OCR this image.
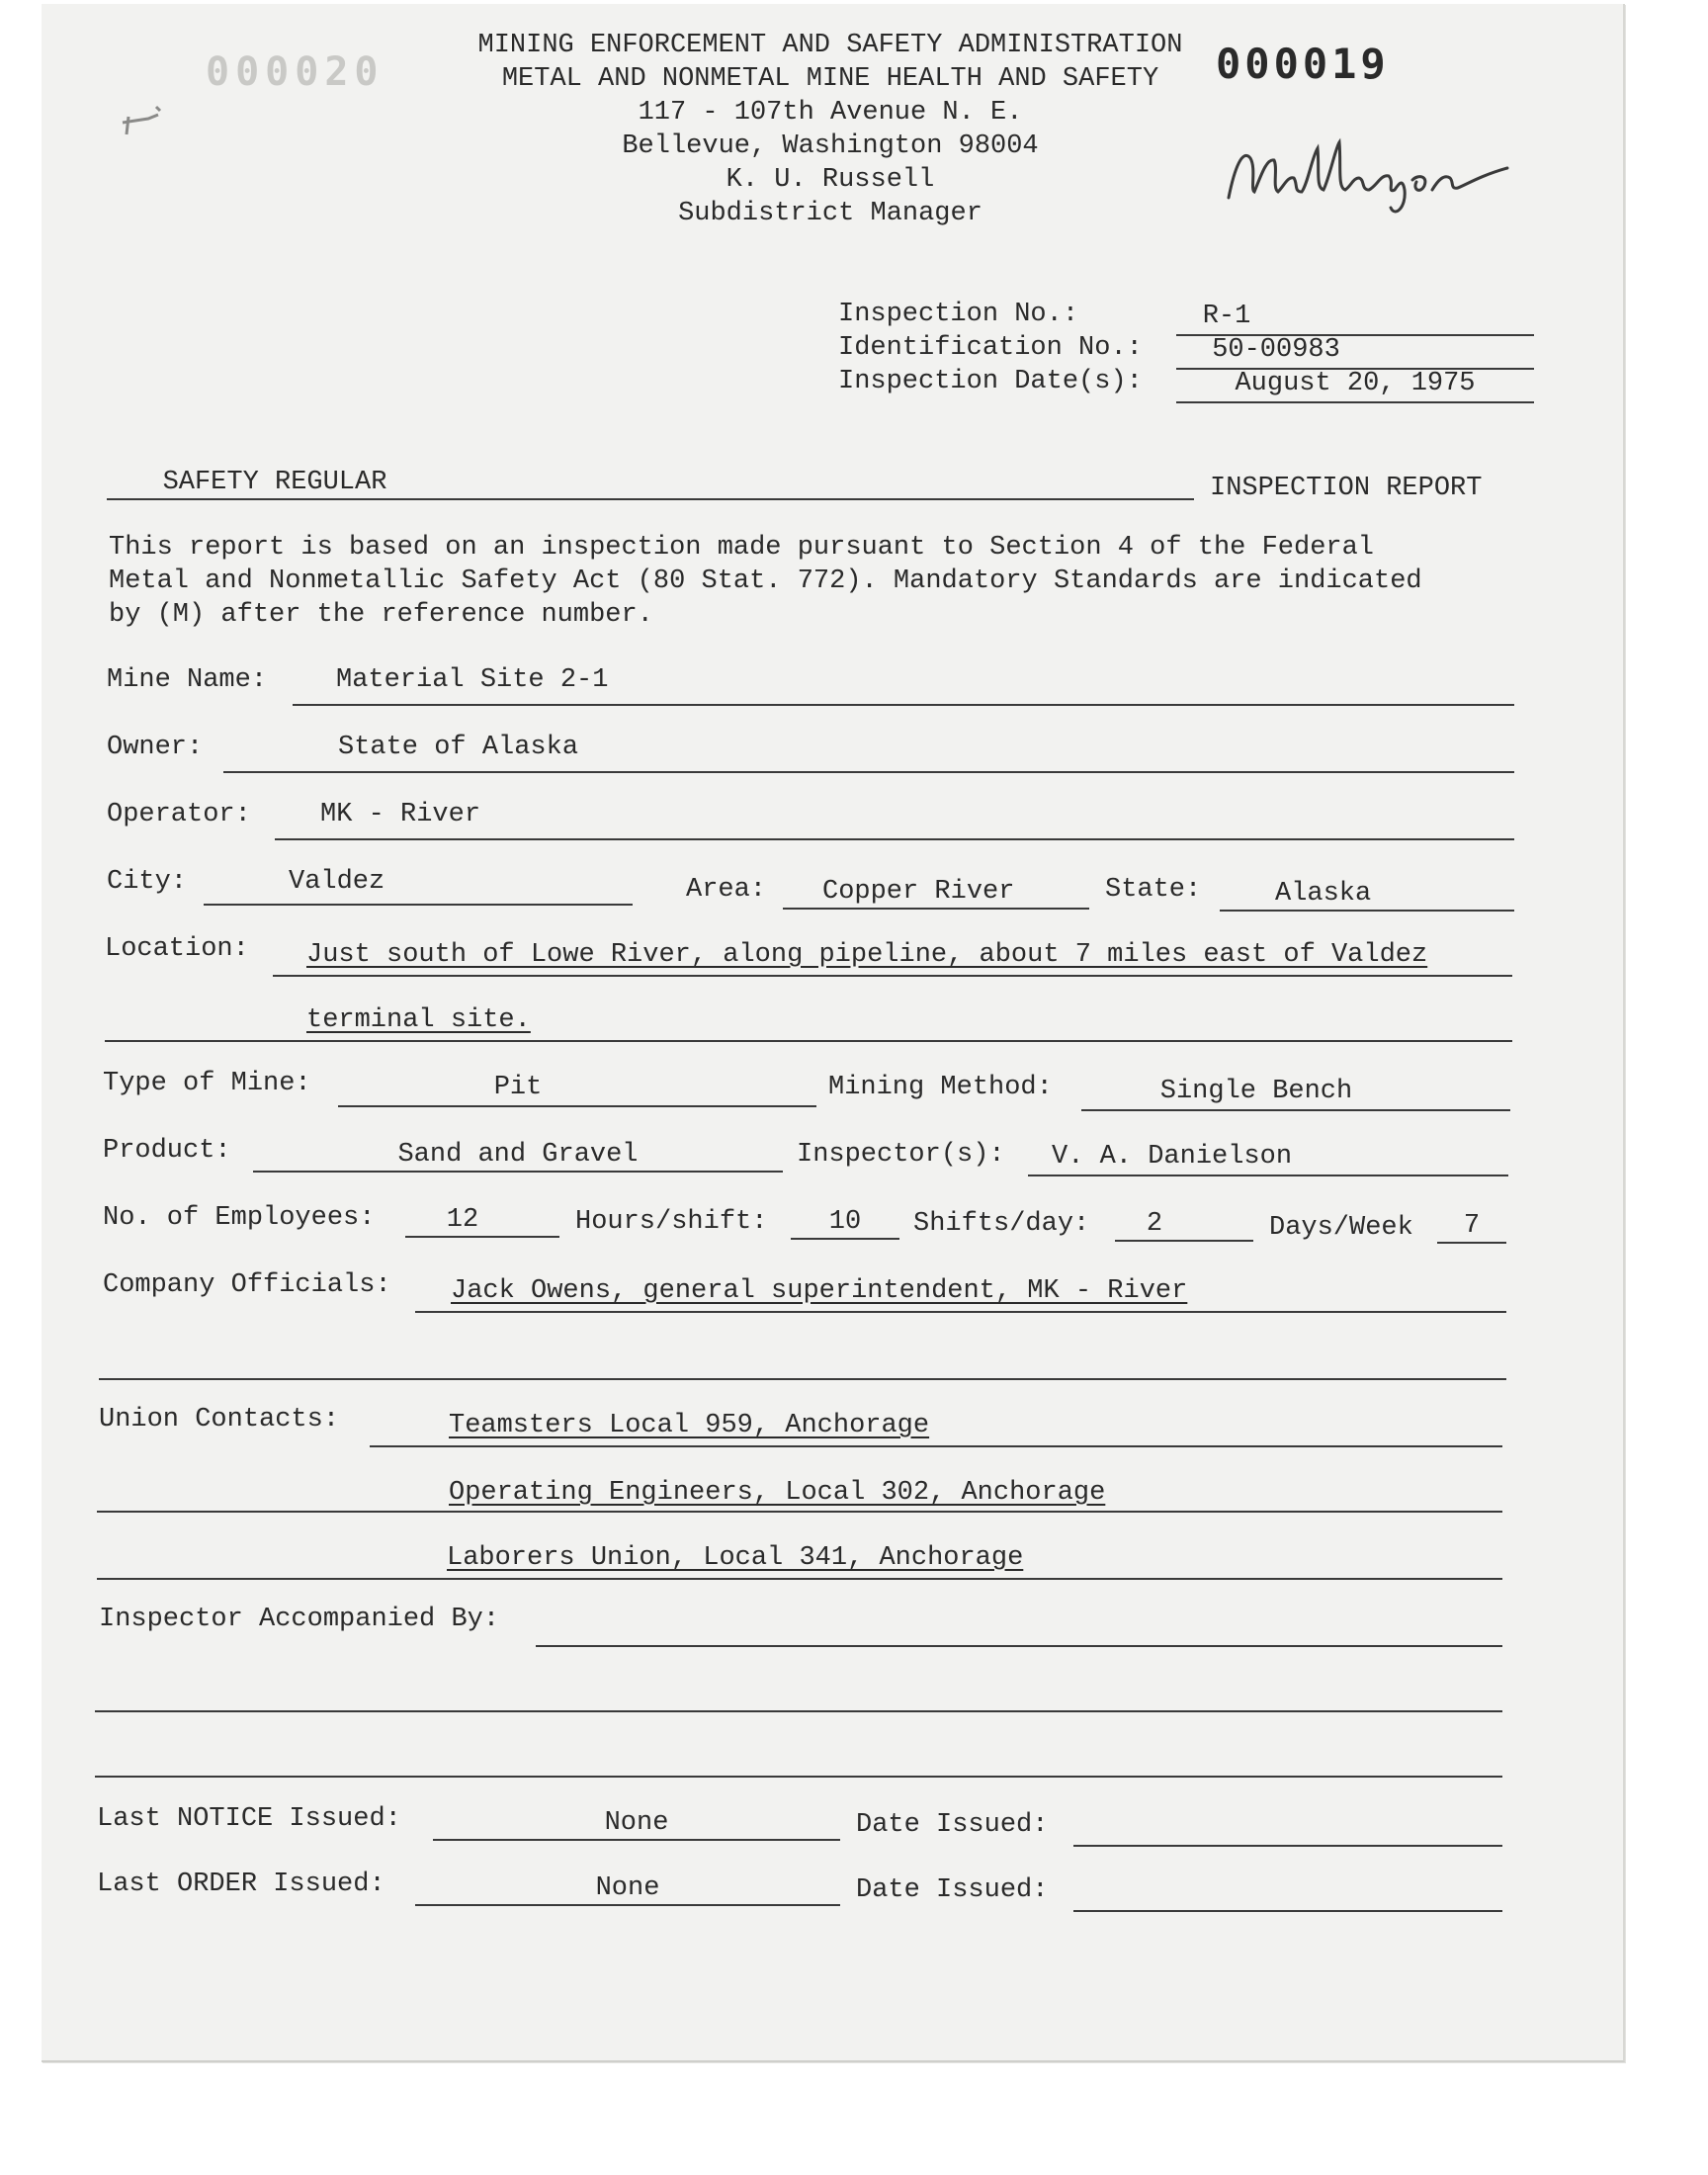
000020
MINING ENFORCEMENT AND SAFETY ADMINISTRATION
METAL AND NONMETAL MINE HEALTH AND SAFETY
117 - 107th Avenue N. E.
Bellevue, Washington 98004
K. U. Russell
Subdistrict Manager
000019
Inspection No.:	R-1
Identification No.:	50-00983
Inspection Date(s):	August 20, 1975
SAFETY REGULAR	INSPECTION REPORT
This report is based on an inspection made pursuant to Section 4 of the Federal
Metal and Nonmetallic Safety Act (80 Stat. 772). Mandatory Standards are indicated
by (M) after the reference number.
Mine Name:	Material Site 2-1
Owner:	State of Alaska
Operator:	MK - River
City:	Valdez	Area: Copper River	State:	Alaska
Location: Just south of Lowe River, along pipeline, about 7 miles east of Valdez
terminal site.
Type of Mine:	Pit	Mining Method:	Single Bench
Product:	Sand and Gravel	Inspector(s): V. A. Danielson
No. of Employees:	12	Hours/shift:	10	Shifts/day:	2	Days/Week	7
Company Officials: Jack Owens, general superintendent, MK - River
Union Contacts:	Teamsters Local 959, Anchorage
Operating Engineers, Local 302, Anchorage
Laborers Union, Local 341, Anchorage
Inspector Accompanied By:
Last NOTICE Issued:	None	Date Issued:
Last ORDER Issued:	None	Date Issued:
